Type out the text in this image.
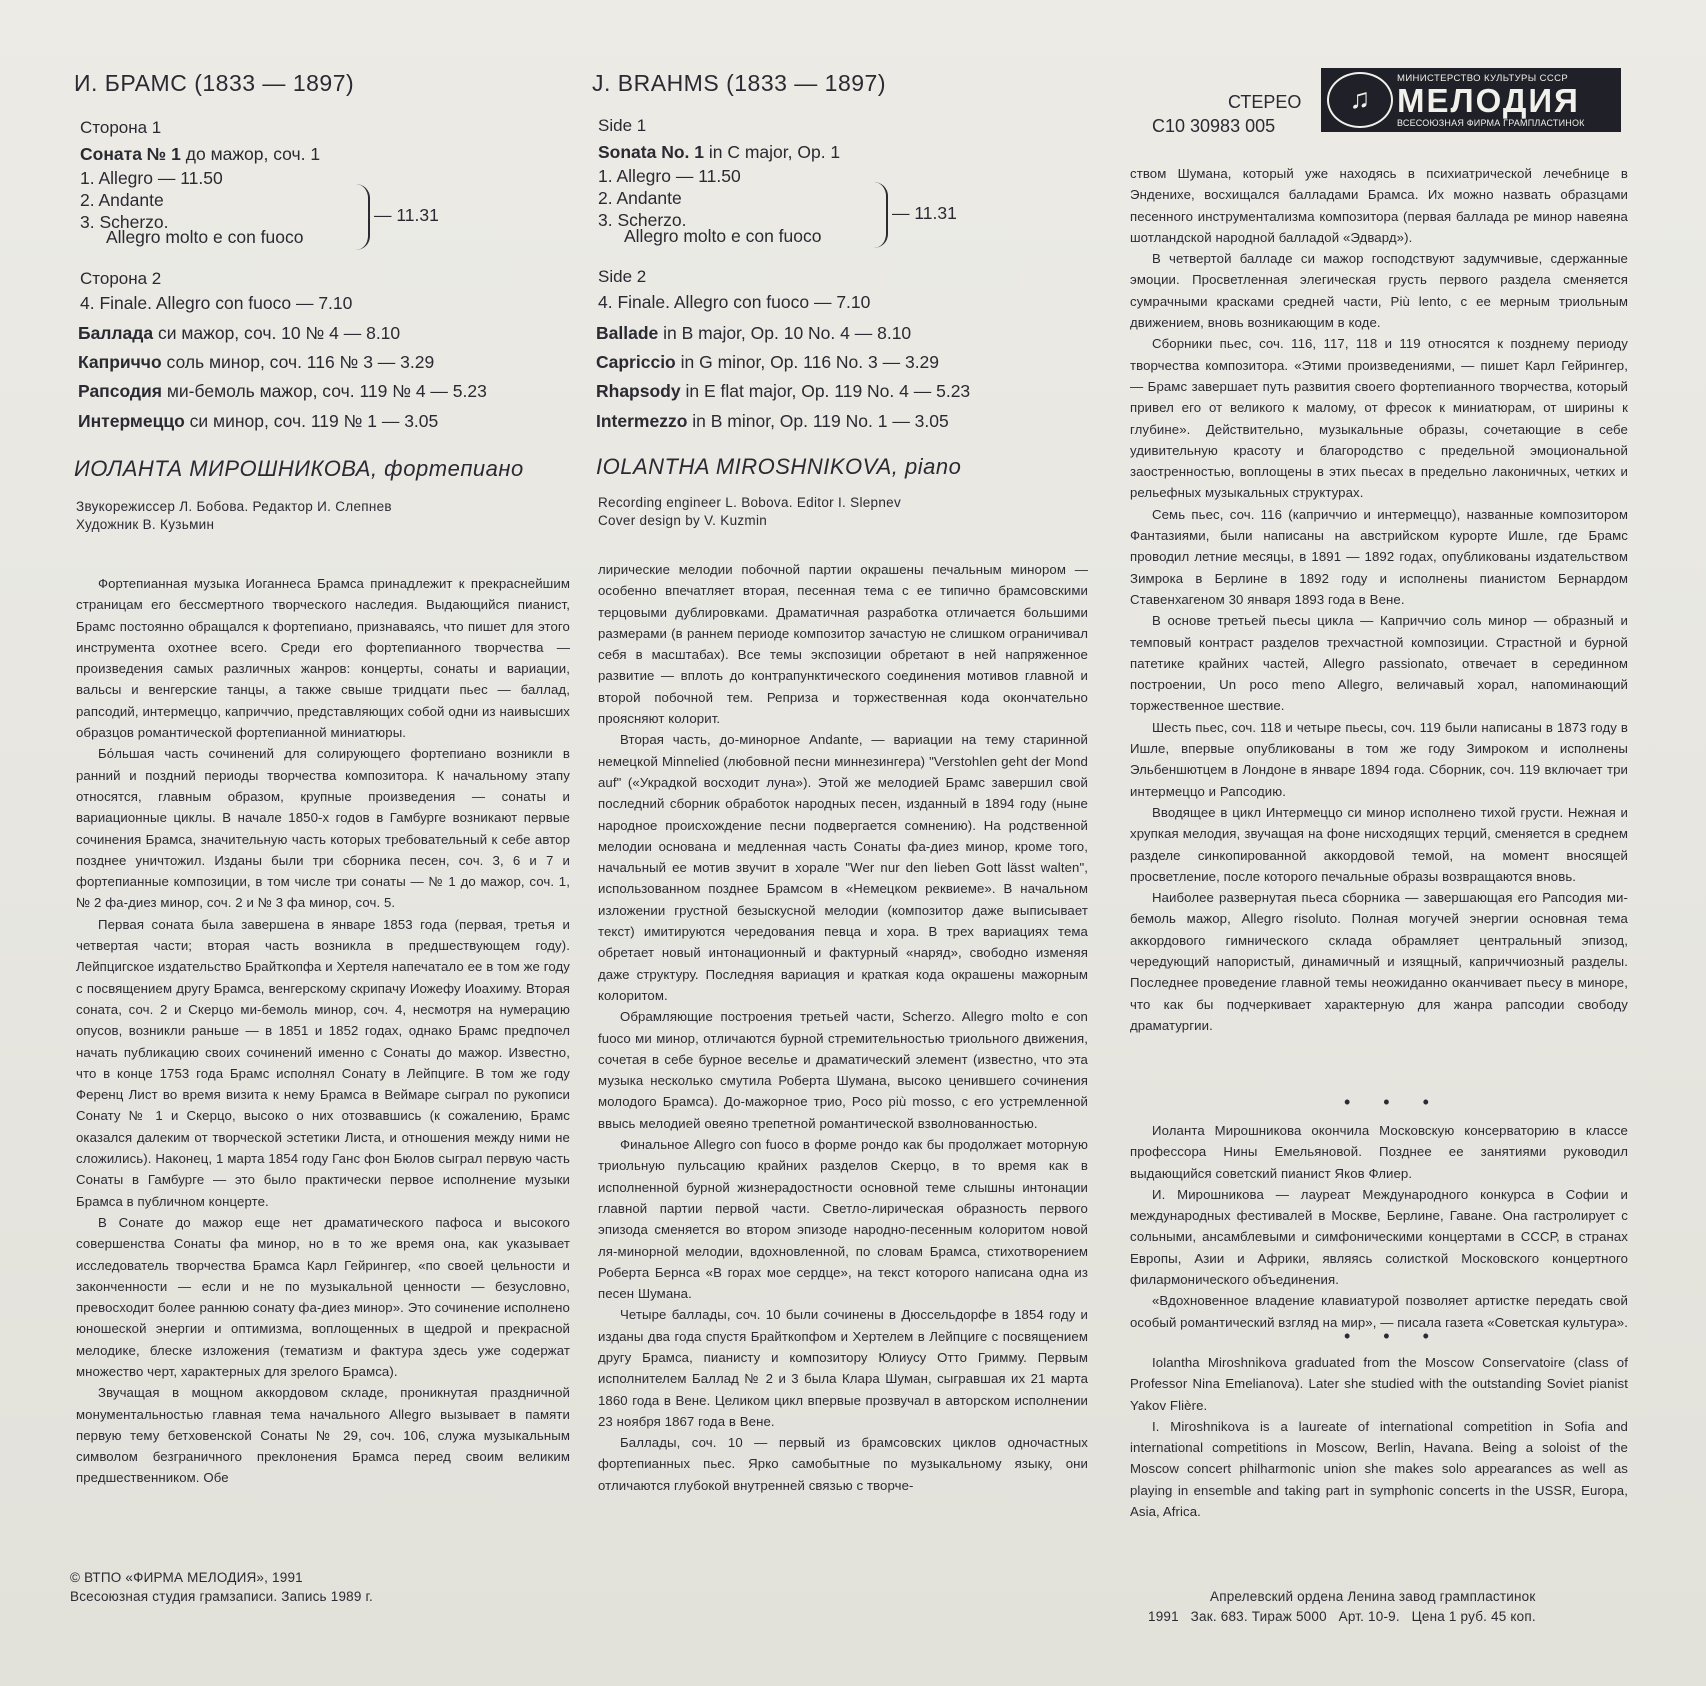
И. БРАМС (1833 — 1897)
Сторона 1
Соната № 1 до мажор, соч. 1
1. Allegro — 11.50
2. Andante
3. Scherzo.
Allegro molto e con fuoco
— 11.31
Сторона 2
4. Finale. Allegro con fuoco — 7.10
Баллада си мажор, соч. 10 № 4 — 8.10
Каприччо соль минор, соч. 116 № 3 — 3.29
Рапсодия ми-бемоль мажор, соч. 119 № 4 — 5.23
Интермеццо си минор, соч. 119 № 1 — 3.05
ИОЛАНТА МИРОШНИКОВА, фортепиано
Звукорежиссер Л. Бобова. Редактор И. Слепнев
Художник В. Кузьмин
J. BRAHMS (1833 — 1897)
Side 1
Sonata No. 1 in C major, Op. 1
1. Allegro — 11.50
2. Andante
3. Scherzo.
Allegro molto e con fuoco
— 11.31
Side 2
4. Finale. Allegro con fuoco — 7.10
Ballade in B major, Op. 10 No. 4 — 8.10
Capriccio in G minor, Op. 116 No. 3 — 3.29
Rhapsody in E flat major, Op. 119 No. 4 — 5.23
Intermezzo in B minor, Op. 119 No. 1 — 3.05
IOLANTHA MIROSHNIKOVA, piano
Recording engineer L. Bobova. Editor I. Slepnev
Cover design by V. Kuzmin
СТЕРЕО
С10 30983 005
♫
МИНИСТЕРСТВО КУЛЬТУРЫ СССР
МЕЛОДИЯ
ВСЕСОЮЗНАЯ ФИРМА ГРАМПЛАСТИНОК

Фортепианная музыка Иоганнеса Брамса принадлежит к прекраснейшим страницам его бессмертного творческого наследия. Выдающийся пианист, Брамс постоянно обращался к фортепиано, признаваясь, что пишет для этого инструмента охотнее всего. Среди его фортепианного творчества — произведения самых различных жанров: концерты, сонаты и вариации, вальсы и венгерские танцы, а также свыше тридцати пьес — баллад, рапсодий, интермеццо, каприччио, представляющих собой одни из наивысших образцов романтической фортепианной миниатюры.

Бо́льшая часть сочинений для солирующего фортепиано возникли в ранний и поздний периоды творчества композитора. К начальному этапу относятся, главным образом, крупные произведения — сонаты и вариационные циклы. В начале 1850-х годов в Гамбурге возникают первые сочинения Брамса, значительную часть которых требовательный к себе автор позднее уничтожил. Изданы были три сборника песен, соч. 3, 6 и 7 и фортепианные композиции, в том числе три сонаты — № 1 до мажор, соч. 1, № 2 фа-диез минор, соч. 2 и № 3 фа минор, соч. 5.

Первая соната была завершена в январе 1853 года (первая, третья и четвертая части; вторая часть возникла в предшествующем году). Лейпцигское издательство Брайткопфа и Хертеля напечатало ее в том же году с посвящением другу Брамса, венгерскому скрипачу Иожефу Иоахиму. Вторая соната, соч. 2 и Скерцо ми-бемоль минор, соч. 4, несмотря на нумерацию опусов, возникли раньше — в 1851 и 1852 годах, однако Брамс предпочел начать публикацию своих сочинений именно с Сонаты до мажор. Известно, что в конце 1753 года Брамс исполнял Сонату в Лейпциге. В том же году Ференц Лист во время визита к нему Брамса в Веймаре сыграл по рукописи Сонату № 1 и Скерцо, высоко о них отозвавшись (к сожалению, Брамс оказался далеким от творческой эстетики Листа, и отношения между ними не сложились). Наконец, 1 марта 1854 году Ганс фон Бюлов сыграл первую часть Сонаты в Гамбурге — это было практически первое исполнение музыки Брамса в публичном концерте.

В Сонате до мажор еще нет драматического пафоса и высокого совершенства Сонаты фа минор, но в то же время она, как указывает исследователь творчества Брамса Карл Гейрингер, «по своей цельности и законченности — если и не по музыкальной ценности — безусловно, превосходит более раннюю сонату фа-диез минор». Это сочинение исполнено юношеской энергии и оптимизма, воплощенных в щедрой и прекрасной мелодике, блеске изложения (тематизм и фактура здесь уже содержат множество черт, характерных для зрелого Брамса).

Звучащая в мощном аккордовом складе, проникнутая праздничной монументальностью главная тема начального Allegro вызывает в памяти первую тему бетховенской Сонаты № 29, соч. 106, служа музыкальным символом безграничного преклонения Брамса перед своим великим предшественником. Обе

лирические мелодии побочной партии окрашены печальным минором — особенно впечатляет вторая, песенная тема с ее типично брамсовскими терцовыми дублировками. Драматичная разработка отличается большими размерами (в раннем периоде композитор зачастую не слишком ограничивал себя в масштабах). Все темы экспозиции обретают в ней напряженное развитие — вплоть до контрапунктического соединения мотивов главной и второй побочной тем. Реприза и торжественная кода окончательно проясняют колорит.

Вторая часть, до-минорное Andante, — вариации на тему старинной немецкой Minnelied (любовной песни миннезингера) "Verstohlen geht der Mond auf" («Украдкой восходит луна»). Этой же мелодией Брамс завершил свой последний сборник обработок народных песен, изданный в 1894 году (ныне народное происхождение песни подвергается сомнению). На родственной мелодии основана и медленная часть Сонаты фа-диез минор, кроме того, начальный ее мотив звучит в хорале "Wer nur den lieben Gott lässt walten", использованном позднее Брамсом в «Немецком реквиеме». В начальном изложении грустной безыскусной мелодии (композитор даже выписывает текст) имитируются чередования певца и хора. В трех вариациях тема обретает новый интонационный и фактурный «наряд», свободно изменяя даже структуру. Последняя вариация и краткая кода окрашены мажорным колоритом.

Обрамляющие построения третьей части, Scherzo. Allegro molto e con fuoco ми минор, отличаются бурной стремительностью триольного движения, сочетая в себе бурное веселье и драматический элемент (известно, что эта музыка несколько смутила Роберта Шумана, высоко ценившего сочинения молодого Брамса). До-мажорное трио, Poco più mosso, с его устремленной ввысь мелодией овеяно трепетной романтической взволнованностью.

Финальное Allegro con fuoco в форме рондо как бы продолжает моторную триольную пульсацию крайних разделов Скерцо, в то время как в исполненной бурной жизнерадостности основной теме слышны интонации главной партии первой части. Светло-лирическая образность первого эпизода сменяется во втором эпизоде народно-песенным колоритом новой ля-минорной мелодии, вдохновленной, по словам Брамса, стихотворением Роберта Бернса «В горах мое сердце», на текст которого написана одна из песен Шумана.

Четыре баллады, соч. 10 были сочинены в Дюссельдорфе в 1854 году и изданы два года спустя Брайткопфом и Хертелем в Лейпциге с посвящением другу Брамса, пианисту и композитору Юлиусу Отто Гримму. Первым исполнителем Баллад № 2 и 3 была Клара Шуман, сыгравшая их 21 марта 1860 года в Вене. Целиком цикл впервые прозвучал в авторском исполнении 23 ноября 1867 года в Вене.

Баллады, соч. 10 — первый из брамсовских циклов одночастных фортепианных пьес. Ярко самобытные по музыкальному языку, они отличаются глубокой внутренней связью с творче-

ством Шумана, который уже находясь в психиатрической лечебнице в Энденихе, восхищался балладами Брамса. Их можно назвать образцами песенного инструментализма композитора (первая баллада ре минор навеяна шотландской народной балладой «Эдвард»).

В четвертой балладе си мажор господствуют задумчивые, сдержанные эмоции. Просветленная элегическая грусть первого раздела сменяется сумрачными красками средней части, Più lento, с ее мерным триольным движением, вновь возникающим в коде.

Сборники пьес, соч. 116, 117, 118 и 119 относятся к позднему периоду творчества композитора. «Этими произведениями, — пишет Карл Гейрингер, — Брамс завершает путь развития своего фортепианного творчества, который привел его от великого к малому, от фресок к миниатюрам, от ширины к глубине». Действительно, музыкальные образы, сочетающие в себе удивительную красоту и благородство с предельной эмоциональной заостренностью, воплощены в этих пьесах в предельно лаконичных, четких и рельефных музыкальных структурах.

Семь пьес, соч. 116 (каприччио и интермеццо), названные композитором Фантазиями, были написаны на австрийском курорте Ишле, где Брамс проводил летние месяцы, в 1891 — 1892 годах, опубликованы издательством Зимрока в Берлине в 1892 году и исполнены пианистом Бернардом Ставенхагеном 30 января 1893 года в Вене.

В основе третьей пьесы цикла — Каприччио соль минор — образный и темповый контраст разделов трехчастной композиции. Страстной и бурной патетике крайних частей, Allegro passionato, отвечает в серединном построении, Un poco meno Allegro, величавый хорал, напоминающий торжественное шествие.

Шесть пьес, соч. 118 и четыре пьесы, соч. 119 были написаны в 1873 году в Ишле, впервые опубликованы в том же году Зимроком и исполнены Эльбеншютцем в Лондоне в январе 1894 года. Сборник, соч. 119 включает три интермеццо и Рапсодию.

Вводящее в цикл Интермеццо си минор исполнено тихой грусти. Нежная и хрупкая мелодия, звучащая на фоне нисходящих терций, сменяется в среднем разделе синкопированной аккордовой темой, на момент вносящей просветление, после которого печальные образы возвращаются вновь.

Наиболее развернутая пьеса сборника — завершающая его Рапсодия ми-бемоль мажор, Allegro risoluto. Полная могучей энергии основная тема аккордового гимнического склада обрамляет центральный эпизод, чередующий напористый, динамичный и изящный, каприччиозный разделы. Последнее проведение главной темы неожиданно оканчивает пьесу в миноре, что как бы подчеркивает характерную для жанра рапсодии свободу драматургии.

• • •

Иоланта Мирошникова окончила Московскую консерваторию в классе профессора Нины Емельяновой. Позднее ее занятиями руководил выдающийся советский пианист Яков Флиер.

И. Мирошникова — лауреат Международного конкурса в Софии и международных фестивалей в Москве, Берлине, Гаване. Она гастролирует с сольными, ансамблевыми и симфоническими концертами в СССР, в странах Европы, Азии и Африки, являясь солисткой Московского концертного филармонического объединения.

«Вдохновенное владение клавиатурой позволяет артистке передать свой особый романтический взгляд на мир», — писала газета «Советская культура».

• • •

Iolantha Miroshnikova graduated from the Moscow Conservatoire (class of Professor Nina Emelianova). Later she studied with the outstanding Soviet pianist Yakov Flière.

I. Miroshnikova is a laureate of international competition in Sofia and international competitions in Moscow, Berlin, Havana. Being a soloist of the Moscow concert philharmonic union she makes solo appearances as well as playing in ensemble and taking part in symphonic concerts in the USSR, Europa, Asia, Africa.

© ВТПО «ФИРМА МЕЛОДИЯ», 1991
Всесоюзная студия грамзаписи. Запись 1989 г.	Апрелевский ордена Ленина завод грампластинок
1991   Зак. 683. Тираж 5000   Арт. 10-9.   Цена 1 руб. 45 коп.
